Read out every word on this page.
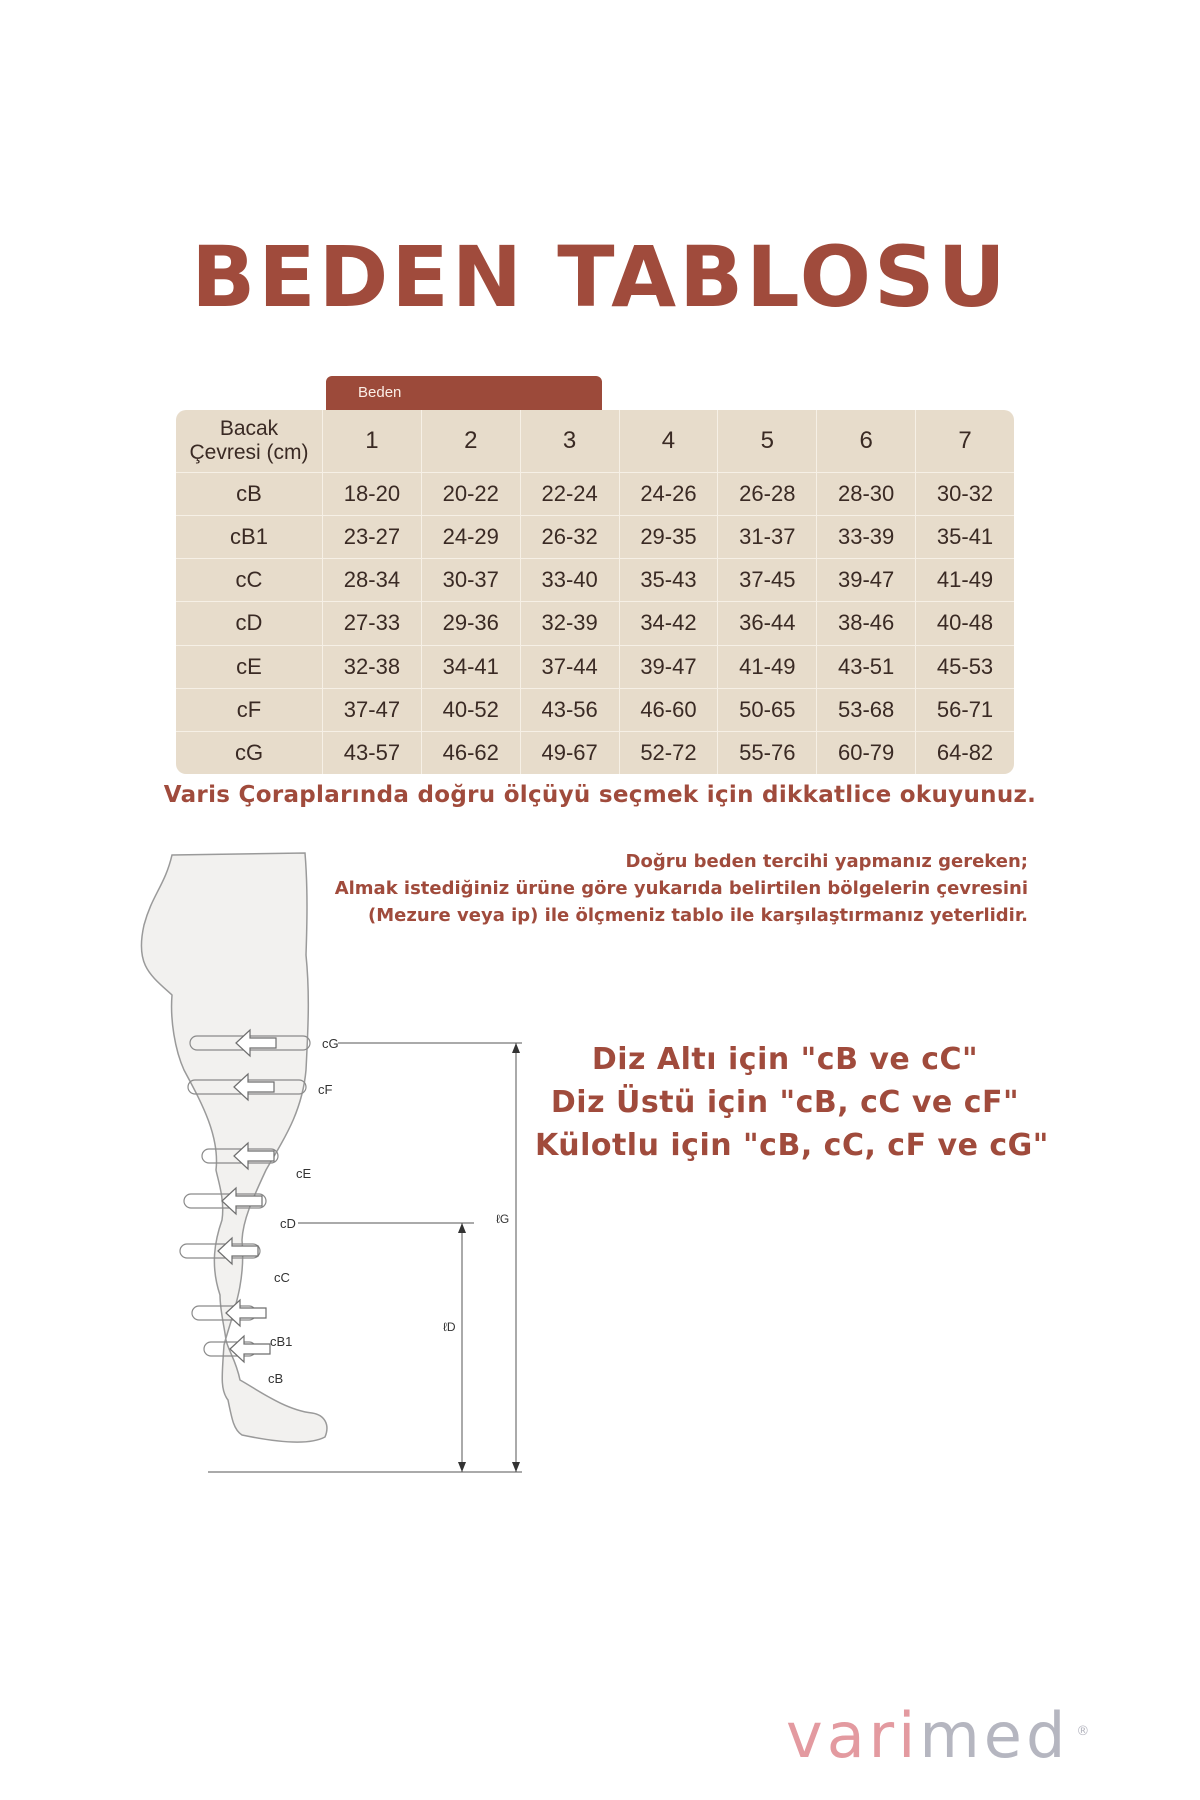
BEDEN TABLOSU
Beden
Bacak
Çevresi (cm)	1	2	3	4	5	6	7
cB	18-20	20-22	22-24	24-26	26-28	28-30	30-32
cB1	23-27	24-29	26-32	29-35	31-37	33-39	35-41
cC	28-34	30-37	33-40	35-43	37-45	39-47	41-49
cD	27-33	29-36	32-39	34-42	36-44	38-46	40-48
cE	32-38	34-41	37-44	39-47	41-49	43-51	45-53
cF	37-47	40-52	43-56	46-60	50-65	53-68	56-71
cG	43-57	46-62	49-67	52-72	55-76	60-79	64-82
Varis Çoraplarında doğru ölçüyü seçmek için dikkatlice okuyunuz.
Doğru beden tercihi yapmanız gereken;
Almak istediğiniz ürüne göre yukarıda belirtilen bölgelerin çevresini
(Mezure veya ip) ile ölçmeniz tablo ile karşılaştırmanız yeterlidir.
Diz Altı için "cB ve cC"
Diz Üstü için "cB, cC ve cF"
Külotlu için "cB, cC, cF ve cG"
cG
cF
cE
cD
cC
cB1
cB
ℓG
ℓD
varimed ®
